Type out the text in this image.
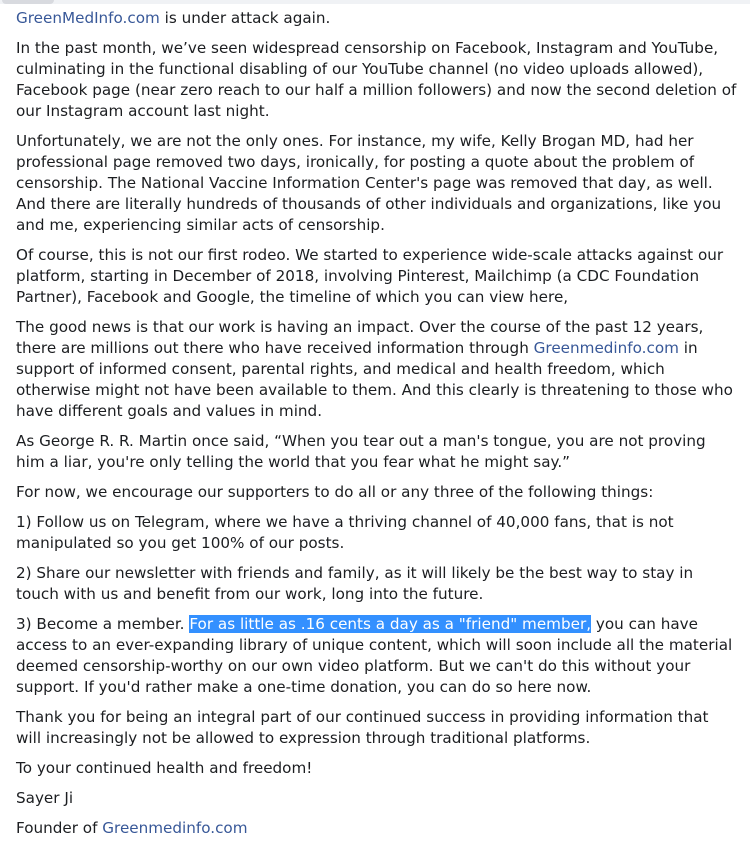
GreenMedInfo.com is under attack again.

In the past month, we’ve seen widespread censorship on Facebook, Instagram and YouTube, culminating in the functional disabling of our YouTube channel (no video uploads allowed), Facebook page (near zero reach to our half a million followers) and now the second deletion of our Instagram account last night.

Unfortunately, we are not the only ones. For instance, my wife, Kelly Brogan MD, had her professional page removed two days, ironically, for posting a quote about the problem of censorship. The National Vaccine Information Center's page was removed that day, as well. And there are literally hundreds of thousands of other individuals and organizations, like you and me, experiencing similar acts of censorship.

Of course, this is not our first rodeo. We started to experience wide-scale attacks against our platform, starting in December of 2018, involving Pinterest, Mailchimp (a CDC Foundation Partner), Facebook and Google, the timeline of which you can view here,

The good news is that our work is having an impact. Over the course of the past 12 years, there are millions out there who have received information through Greenmedinfo.com in support of informed consent, parental rights, and medical and health freedom, which otherwise might not have been available to them. And this clearly is threatening to those who have different goals and values in mind.

As George R. R. Martin once said, “When you tear out a man's tongue, you are not proving him a liar, you're only telling the world that you fear what he might say.”

For now, we encourage our supporters to do all or any three of the following things:

1) Follow us on Telegram, where we have a thriving channel of 40,000 fans, that is not manipulated so you get 100% of our posts.

2) Share our newsletter with friends and family, as it will likely be the best way to stay in touch with us and benefit from our work, long into the future.

3) Become a member. For as little as .16 cents a day as a "friend" member, you can have access to an ever-expanding library of unique content, which will soon include all the material deemed censorship-worthy on our own video platform. But we can't do this without your support. If you'd rather make a one-time donation, you can do so here now.

Thank you for being an integral part of our continued success in providing information that will increasingly not be allowed to expression through traditional platforms.

To your continued health and freedom!

Sayer Ji

Founder of Greenmedinfo.com
